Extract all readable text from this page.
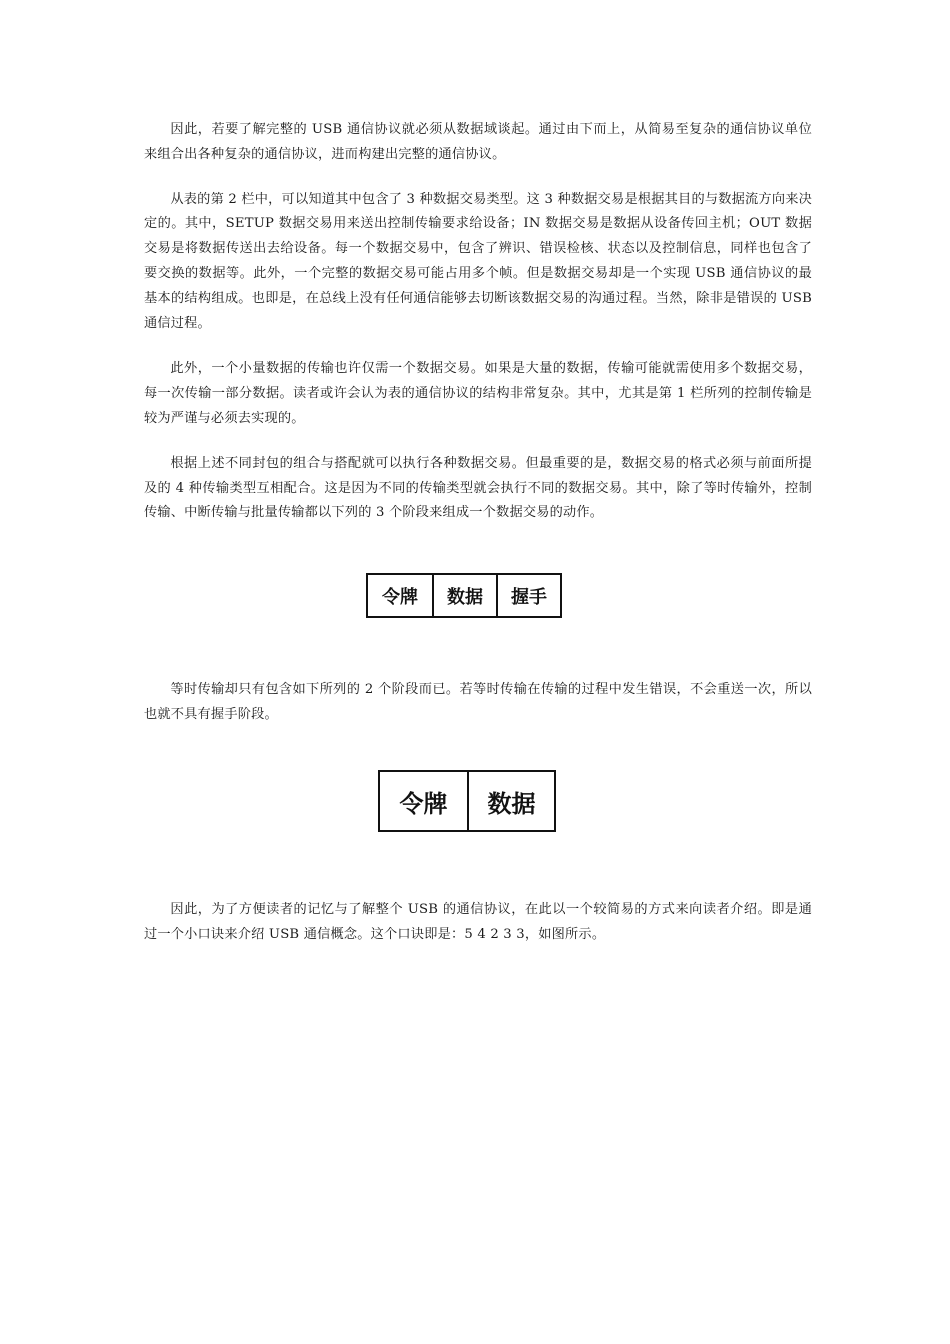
因此，若要了解完整的 USB 通信协议就必须从数据域谈起。通过由下而上，从简易至复杂的通信协议单位来组合出各种复杂的通信协议，进而构建出完整的通信协议。

从表的第 2 栏中，可以知道其中包含了 3 种数据交易类型。这 3 种数据交易是根据其目的与数据流方向来决定的。其中，SETUP 数据交易用来送出控制传输要求给设备；IN 数据交易是数据从设备传回主机；OUT 数据交易是将数据传送出去给设备。每一个数据交易中，包含了辨识、错误检核、状态以及控制信息，同样也包含了要交换的数据等。此外，一个完整的数据交易可能占用多个帧。但是数据交易却是一个实现 USB 通信协议的最基本的结构组成。也即是，在总线上没有任何通信能够去切断该数据交易的沟通过程。当然，除非是错误的 USB 通信过程。

此外，一个小量数据的传输也许仅需一个数据交易。如果是大量的数据，传输可能就需使用多个数据交易，每一次传输一部分数据。读者或许会认为表的通信协议的结构非常复杂。其中，尤其是第 1 栏所列的控制传输是较为严谨与必须去实现的。

根据上述不同封包的组合与搭配就可以执行各种数据交易。但最重要的是，数据交易的格式必须与前面所提及的 4 种传输类型互相配合。这是因为不同的传输类型就会执行不同的数据交易。其中，除了等时传输外，控制传输、中断传输与批量传输都以下列的 3 个阶段来组成一个数据交易的动作。

令牌	数据	握手

等时传输却只有包含如下所列的 2 个阶段而已。若等时传输在传输的过程中发生错误，不会重送一次，所以也就不具有握手阶段。

令牌	数据

因此，为了方便读者的记忆与了解整个 USB 的通信协议，在此以一个较简易的方式来向读者介绍。即是通过一个小口诀来介绍 USB 通信概念。这个口诀即是：5 4 2 3 3，如图所示。
